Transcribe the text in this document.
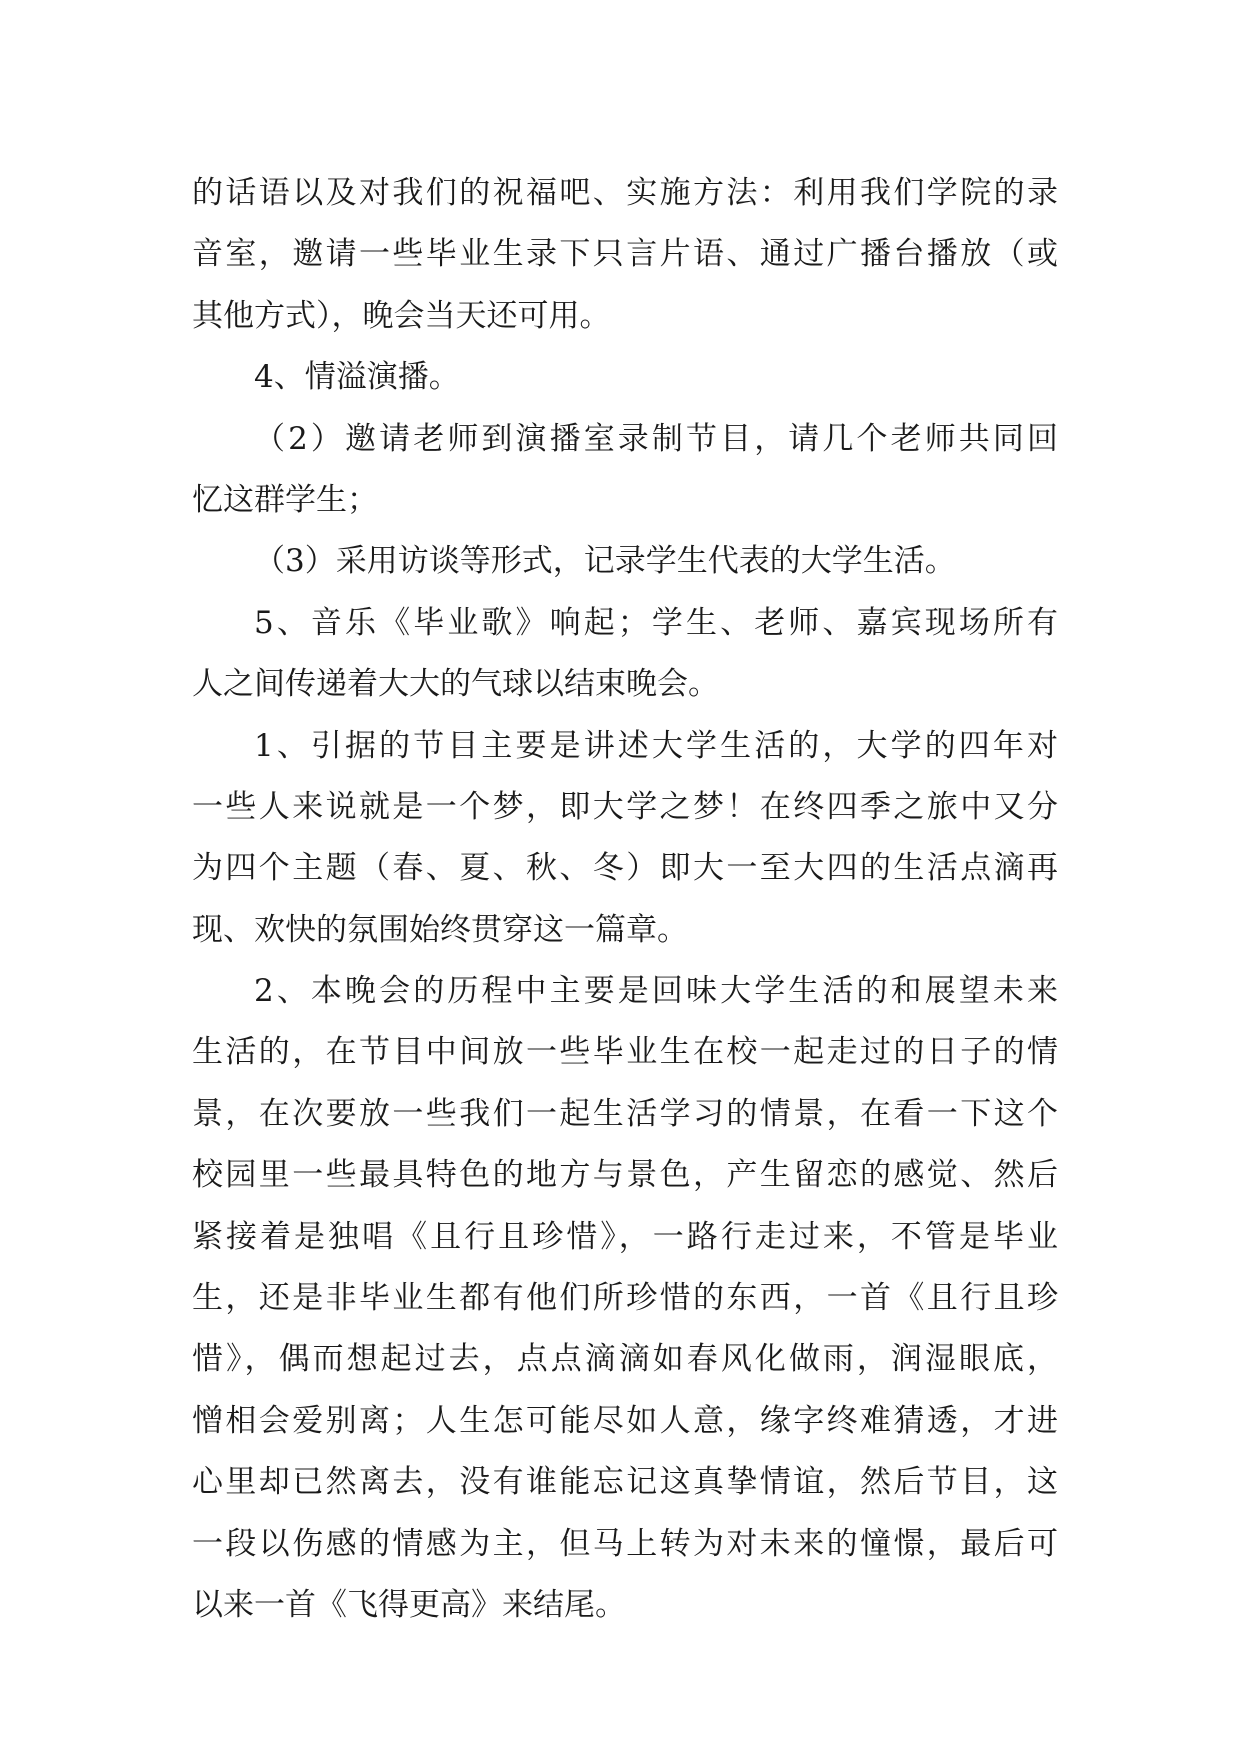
的话语以及对我们的祝福吧、实施方法：利用我们学院的录
音室，邀请一些毕业生录下只言片语、通过广播台播放（或
其他方式），晚会当天还可用。
4、情溢演播。
（2）邀请老师到演播室录制节目，请几个老师共同回
忆这群学生；
（3）采用访谈等形式，记录学生代表的大学生活。
5、音乐《毕业歌》响起；学生、老师、嘉宾现场所有
人之间传递着大大的气球以结束晚会。
1、引据的节目主要是讲述大学生活的，大学的四年对
一些人来说就是一个梦，即大学之梦！在终四季之旅中又分
为四个主题（春、夏、秋、冬）即大一至大四的生活点滴再
现、欢快的氛围始终贯穿这一篇章。
2、本晚会的历程中主要是回味大学生活的和展望未来
生活的，在节目中间放一些毕业生在校一起走过的日子的情
景，在次要放一些我们一起生活学习的情景，在看一下这个
校园里一些最具特色的地方与景色，产生留恋的感觉、然后
紧接着是独唱《且行且珍惜》，一路行走过来，不管是毕业
生，还是非毕业生都有他们所珍惜的东西，一首《且行且珍
惜》，偶而想起过去，点点滴滴如春风化做雨，润湿眼底，
憎相会爱别离；人生怎可能尽如人意，缘字终难猜透，才进
心里却已然离去，没有谁能忘记这真挚情谊，然后节目，这
一段以伤感的情感为主，但马上转为对未来的憧憬，最后可
以来一首《飞得更高》来结尾。
